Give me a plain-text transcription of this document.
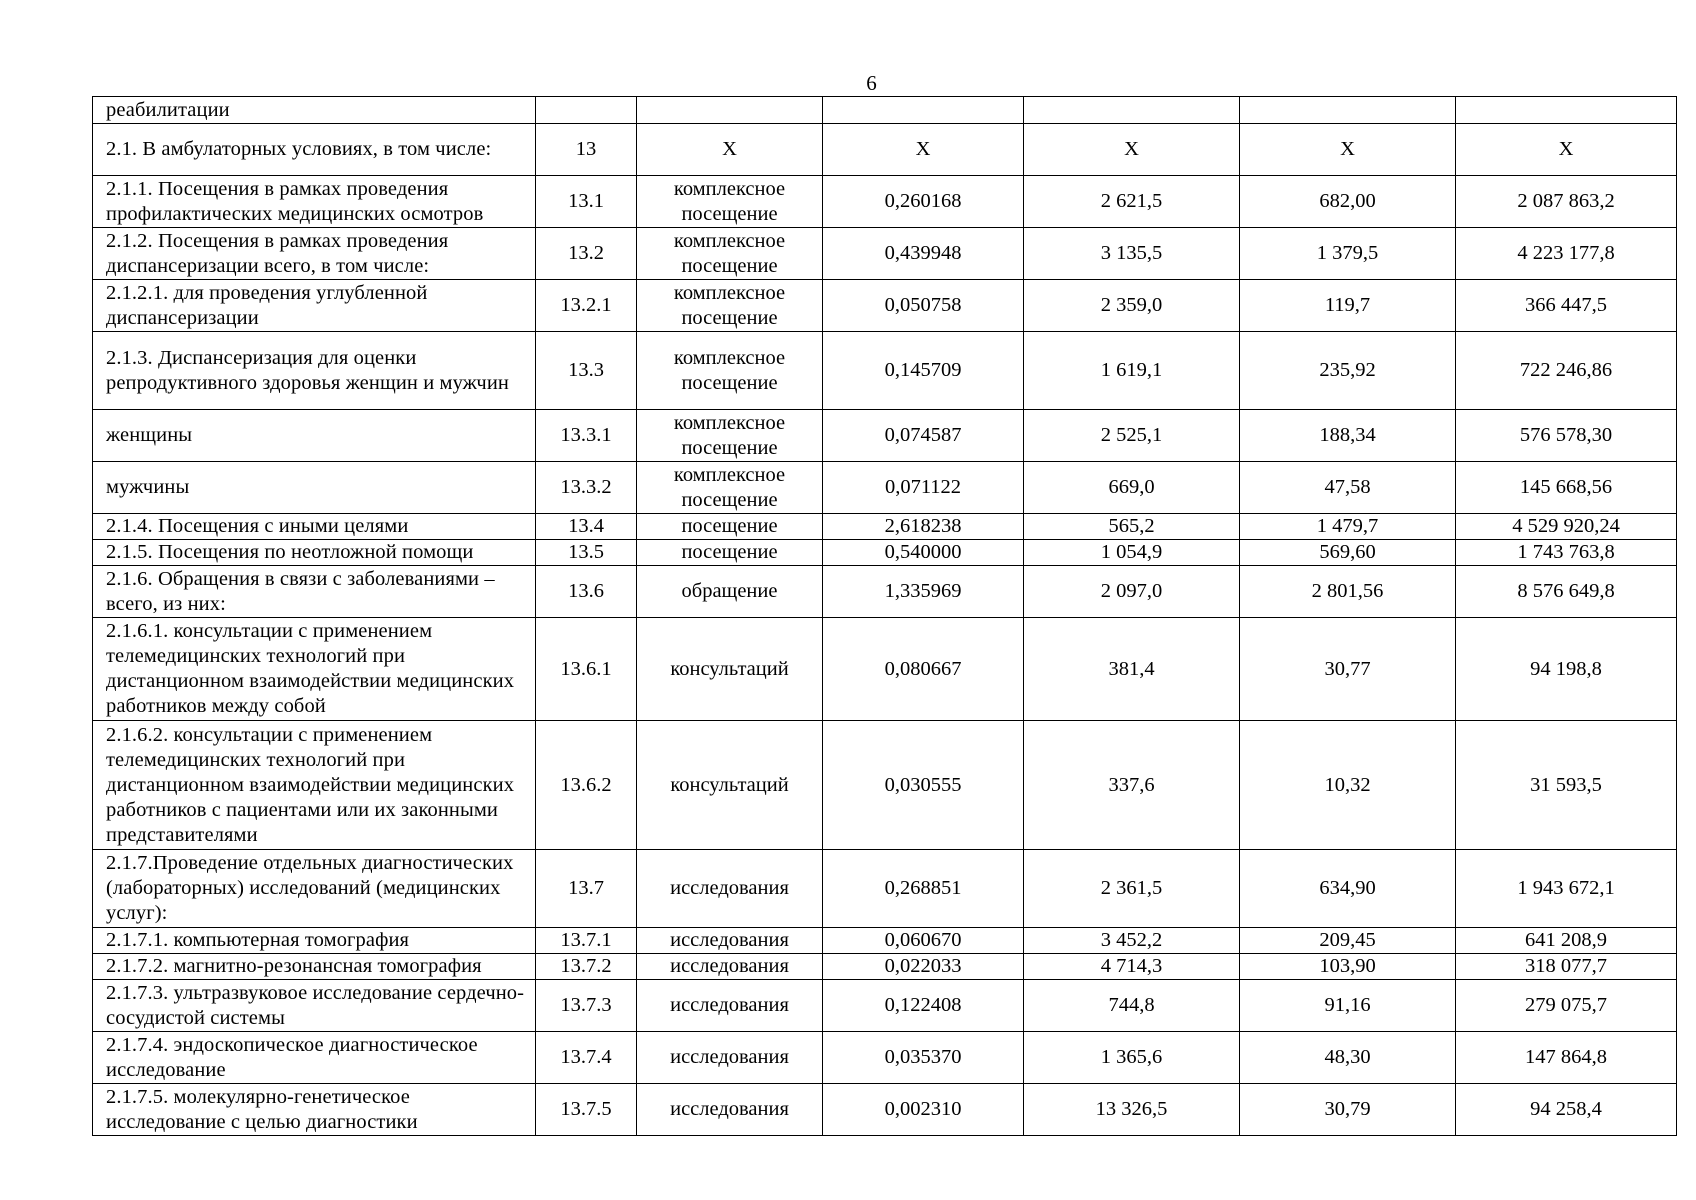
6
реабилитации						
2.1. В амбулаторных условиях, в том числе:	13	Х	Х	Х	Х	Х
2.1.1. Посещения в рамках проведения профилактических медицинских осмотров	13.1	комплексное посещение	0,260168	2 621,5	682,00	2 087 863,2
2.1.2. Посещения в рамках проведения диспансеризации всего, в том числе:	13.2	комплексное посещение	0,439948	3 135,5	1 379,5	4 223 177,8
2.1.2.1. для проведения углубленной диспансеризации	13.2.1	комплексное посещение	0,050758	2 359,0	119,7	366 447,5
2.1.3. Диспансеризация для оценки репродуктивного здоровья женщин и мужчин	13.3	комплексное посещение	0,145709	1 619,1	235,92	722 246,86
женщины	13.3.1	комплексное посещение	0,074587	2 525,1	188,34	576 578,30
мужчины	13.3.2	комплексное посещение	0,071122	669,0	47,58	145 668,56
2.1.4. Посещения с иными целями	13.4	посещение	2,618238	565,2	1 479,7	4 529 920,24
2.1.5. Посещения по неотложной помощи	13.5	посещение	0,540000	1 054,9	569,60	1 743 763,8
2.1.6. Обращения в связи с заболеваниями – всего, из них:	13.6	обращение	1,335969	2 097,0	2 801,56	8 576 649,8
2.1.6.1. консультации с применением телемедицинских технологий при дистанционном взаимодействии медицинских работников между собой	13.6.1	консультаций	0,080667	381,4	30,77	94 198,8
2.1.6.2. консультации с применением телемедицинских технологий при дистанционном взаимодействии медицинских работников с пациентами или их законными представителями	13.6.2	консультаций	0,030555	337,6	10,32	31 593,5
2.1.7.Проведение отдельных диагностических (лабораторных) исследований (медицинских услуг):	13.7	исследования	0,268851	2 361,5	634,90	1 943 672,1
2.1.7.1. компьютерная томография	13.7.1	исследования	0,060670	3 452,2	209,45	641 208,9
2.1.7.2. магнитно-резонансная томография	13.7.2	исследования	0,022033	4 714,3	103,90	318 077,7
2.1.7.3. ультразвуковое исследование сердечно-сосудистой системы	13.7.3	исследования	0,122408	744,8	91,16	279 075,7
2.1.7.4. эндоскопическое диагностическое исследование	13.7.4	исследования	0,035370	1 365,6	48,30	147 864,8
2.1.7.5. молекулярно-генетическое исследование с целью диагностики	13.7.5	исследования	0,002310	13 326,5	30,79	94 258,4
